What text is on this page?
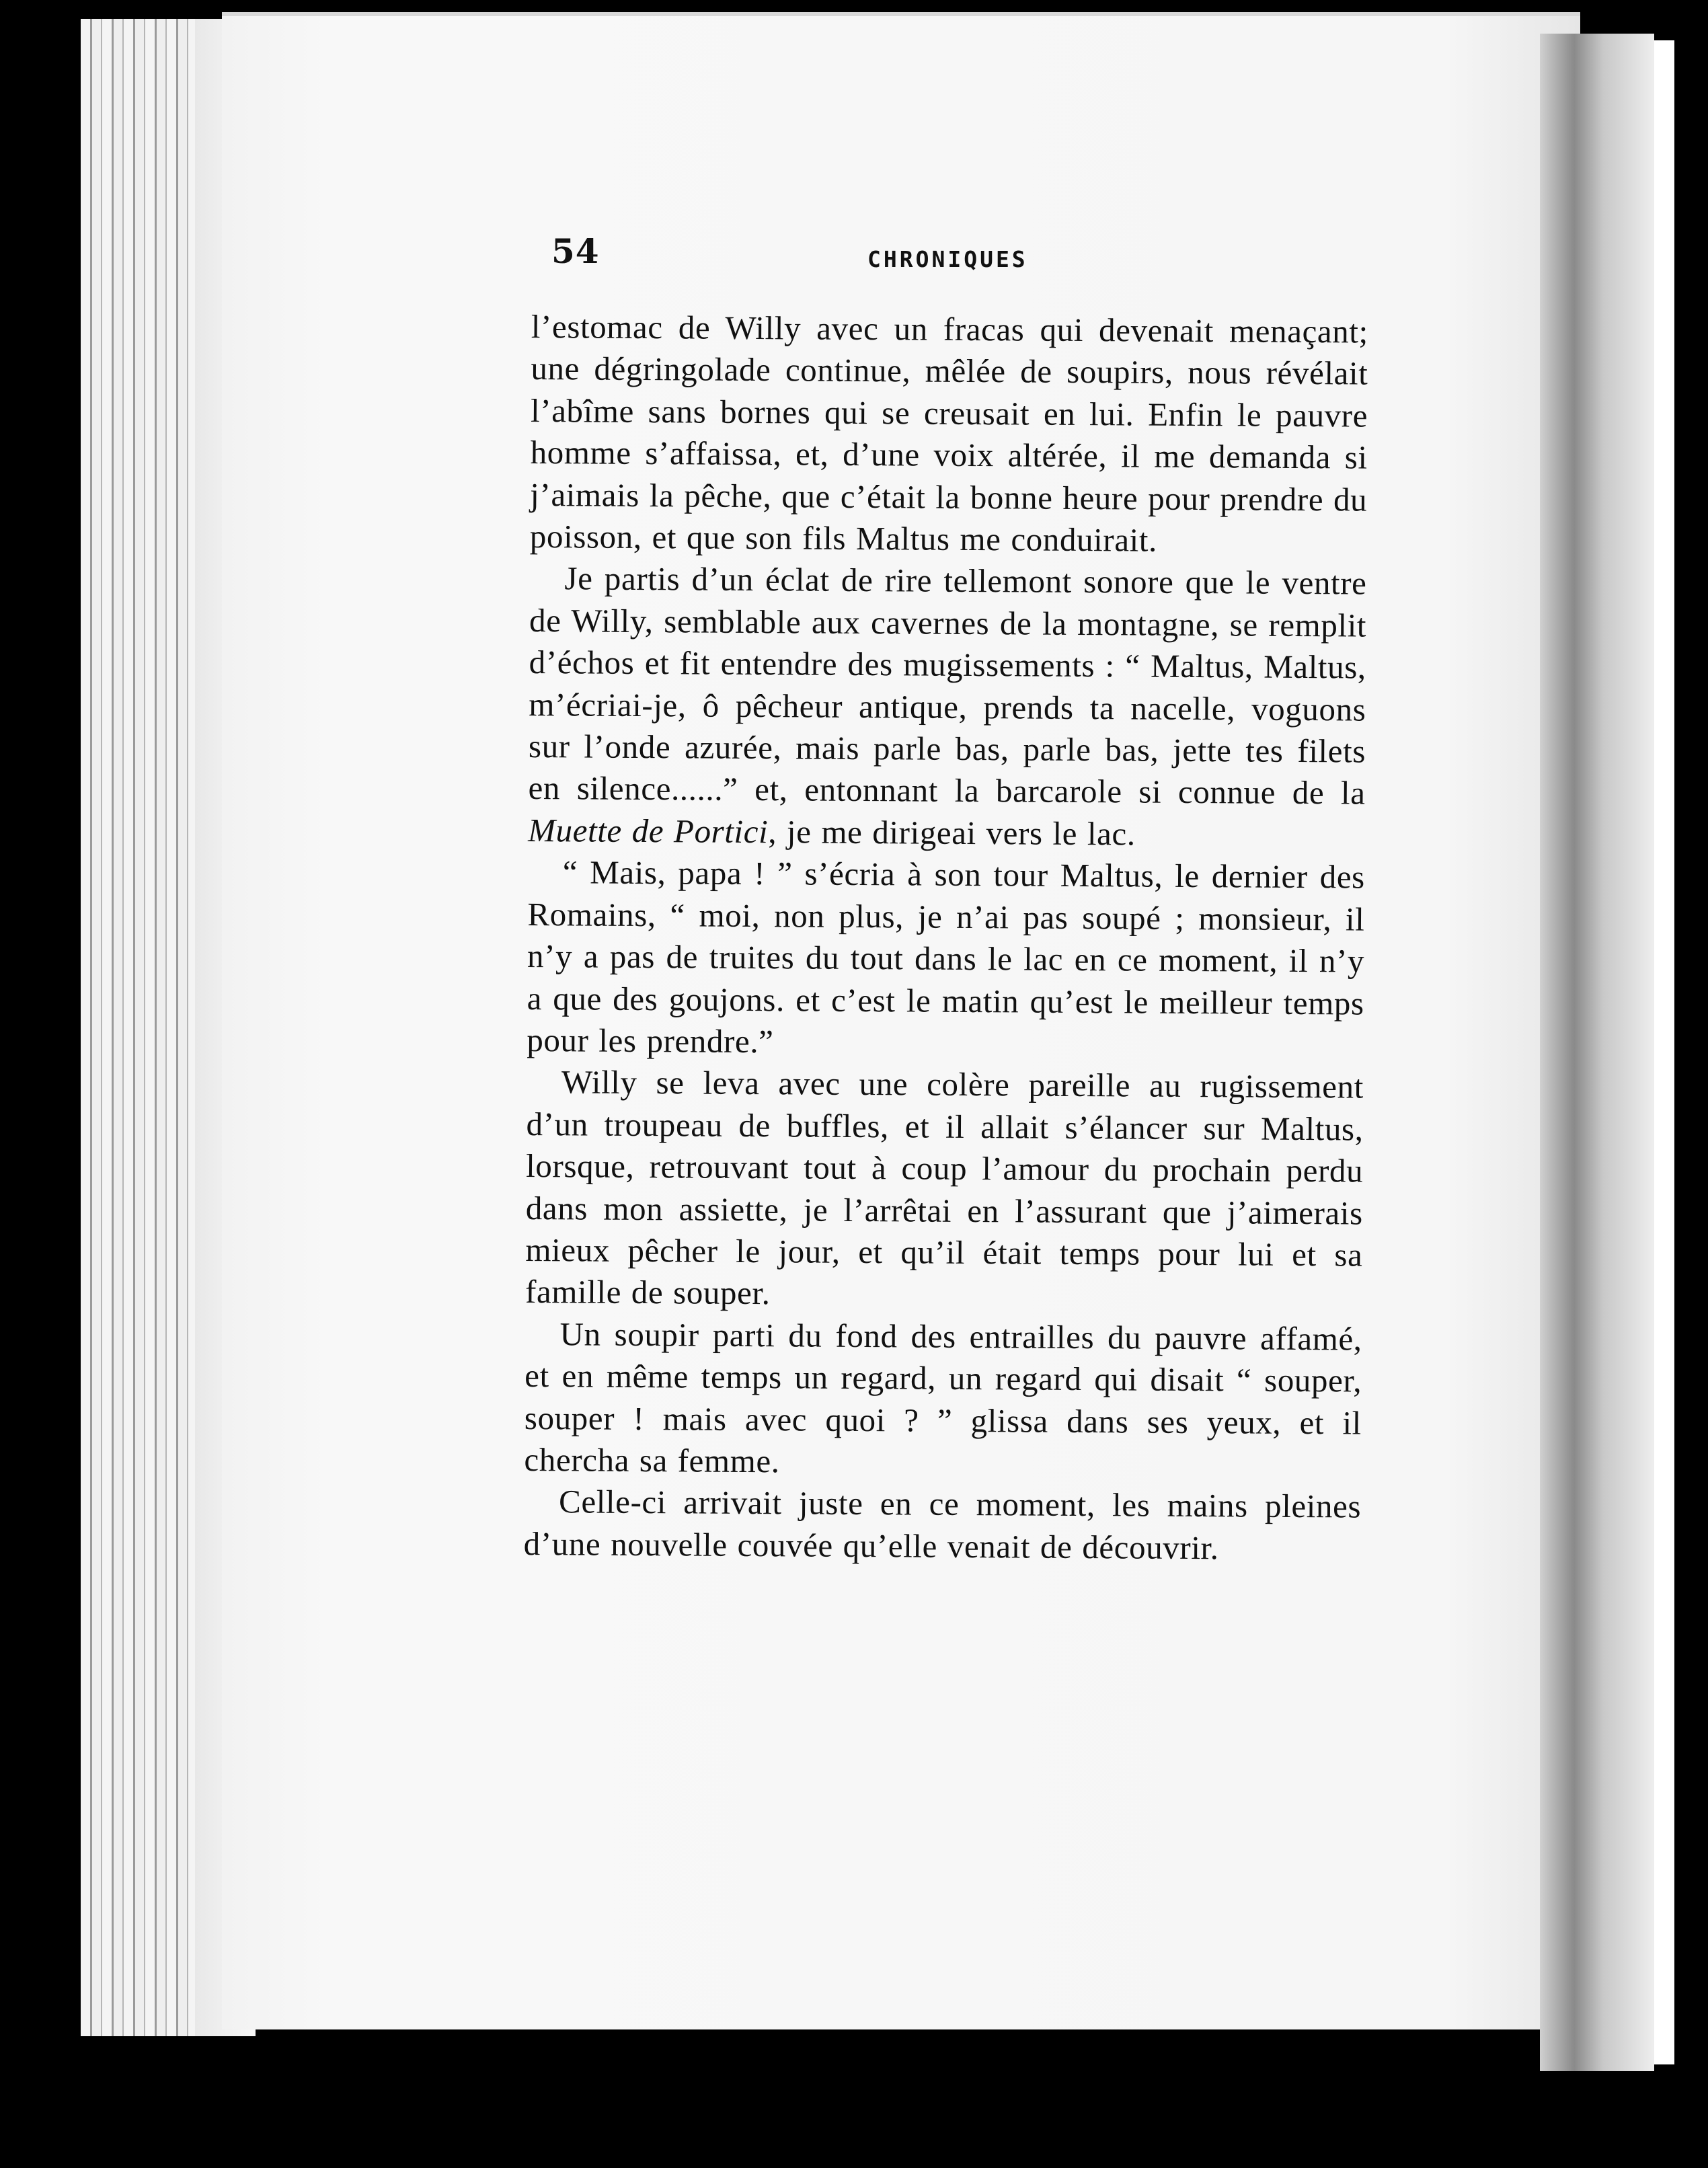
54	CHRONIQUES

l’estomac de Willy avec un fracas qui devenait menaçant; une dégringolade continue, mêlée de soupirs, nous révélait l’abîme sans bornes qui se creusait en lui. Enfin le pauvre homme s’affaissa, et, d’une voix altérée, il me demanda si j’aimais la pêche, que c’était la bonne heure pour prendre du poisson, et que son fils Maltus me conduirait.

Je partis d’un éclat de rire tellemont sonore que le ventre de Willy, semblable aux cavernes de la montagne, se remplit d’échos et fit entendre des mugissements : “ Maltus, Maltus, m’écriai-je, ô pêcheur antique, prends ta nacelle, voguons sur l’onde azurée, mais parle bas, parle bas, jette tes filets en silence......” et, entonnant la barcarole si connue de la Muette de Portici, je me dirigeai vers le lac.

“ Mais, papa ! ” s’écria à son tour Maltus, le dernier des Romains, “ moi, non plus, je n’ai pas soupé ; monsieur, il n’y a pas de truites du tout dans le lac en ce moment, il n’y a que des goujons. et c’est le matin qu’est le meilleur temps pour les prendre.”

Willy se leva avec une colère pareille au rugissement d’un troupeau de buffles, et il allait s’élancer sur Maltus, lorsque, retrouvant tout à coup l’amour du prochain perdu dans mon assiette, je l’arrêtai en l’assurant que j’aimerais mieux pêcher le jour, et qu’il était temps pour lui et sa famille de souper.

Un soupir parti du fond des entrailles du pauvre affamé, et en même temps un regard, un regard qui disait “ souper, souper ! mais avec quoi ? ” glissa dans ses yeux, et il chercha sa femme.

Celle-ci arrivait juste en ce moment, les mains pleines d’une nouvelle couvée qu’elle venait de découvrir.
